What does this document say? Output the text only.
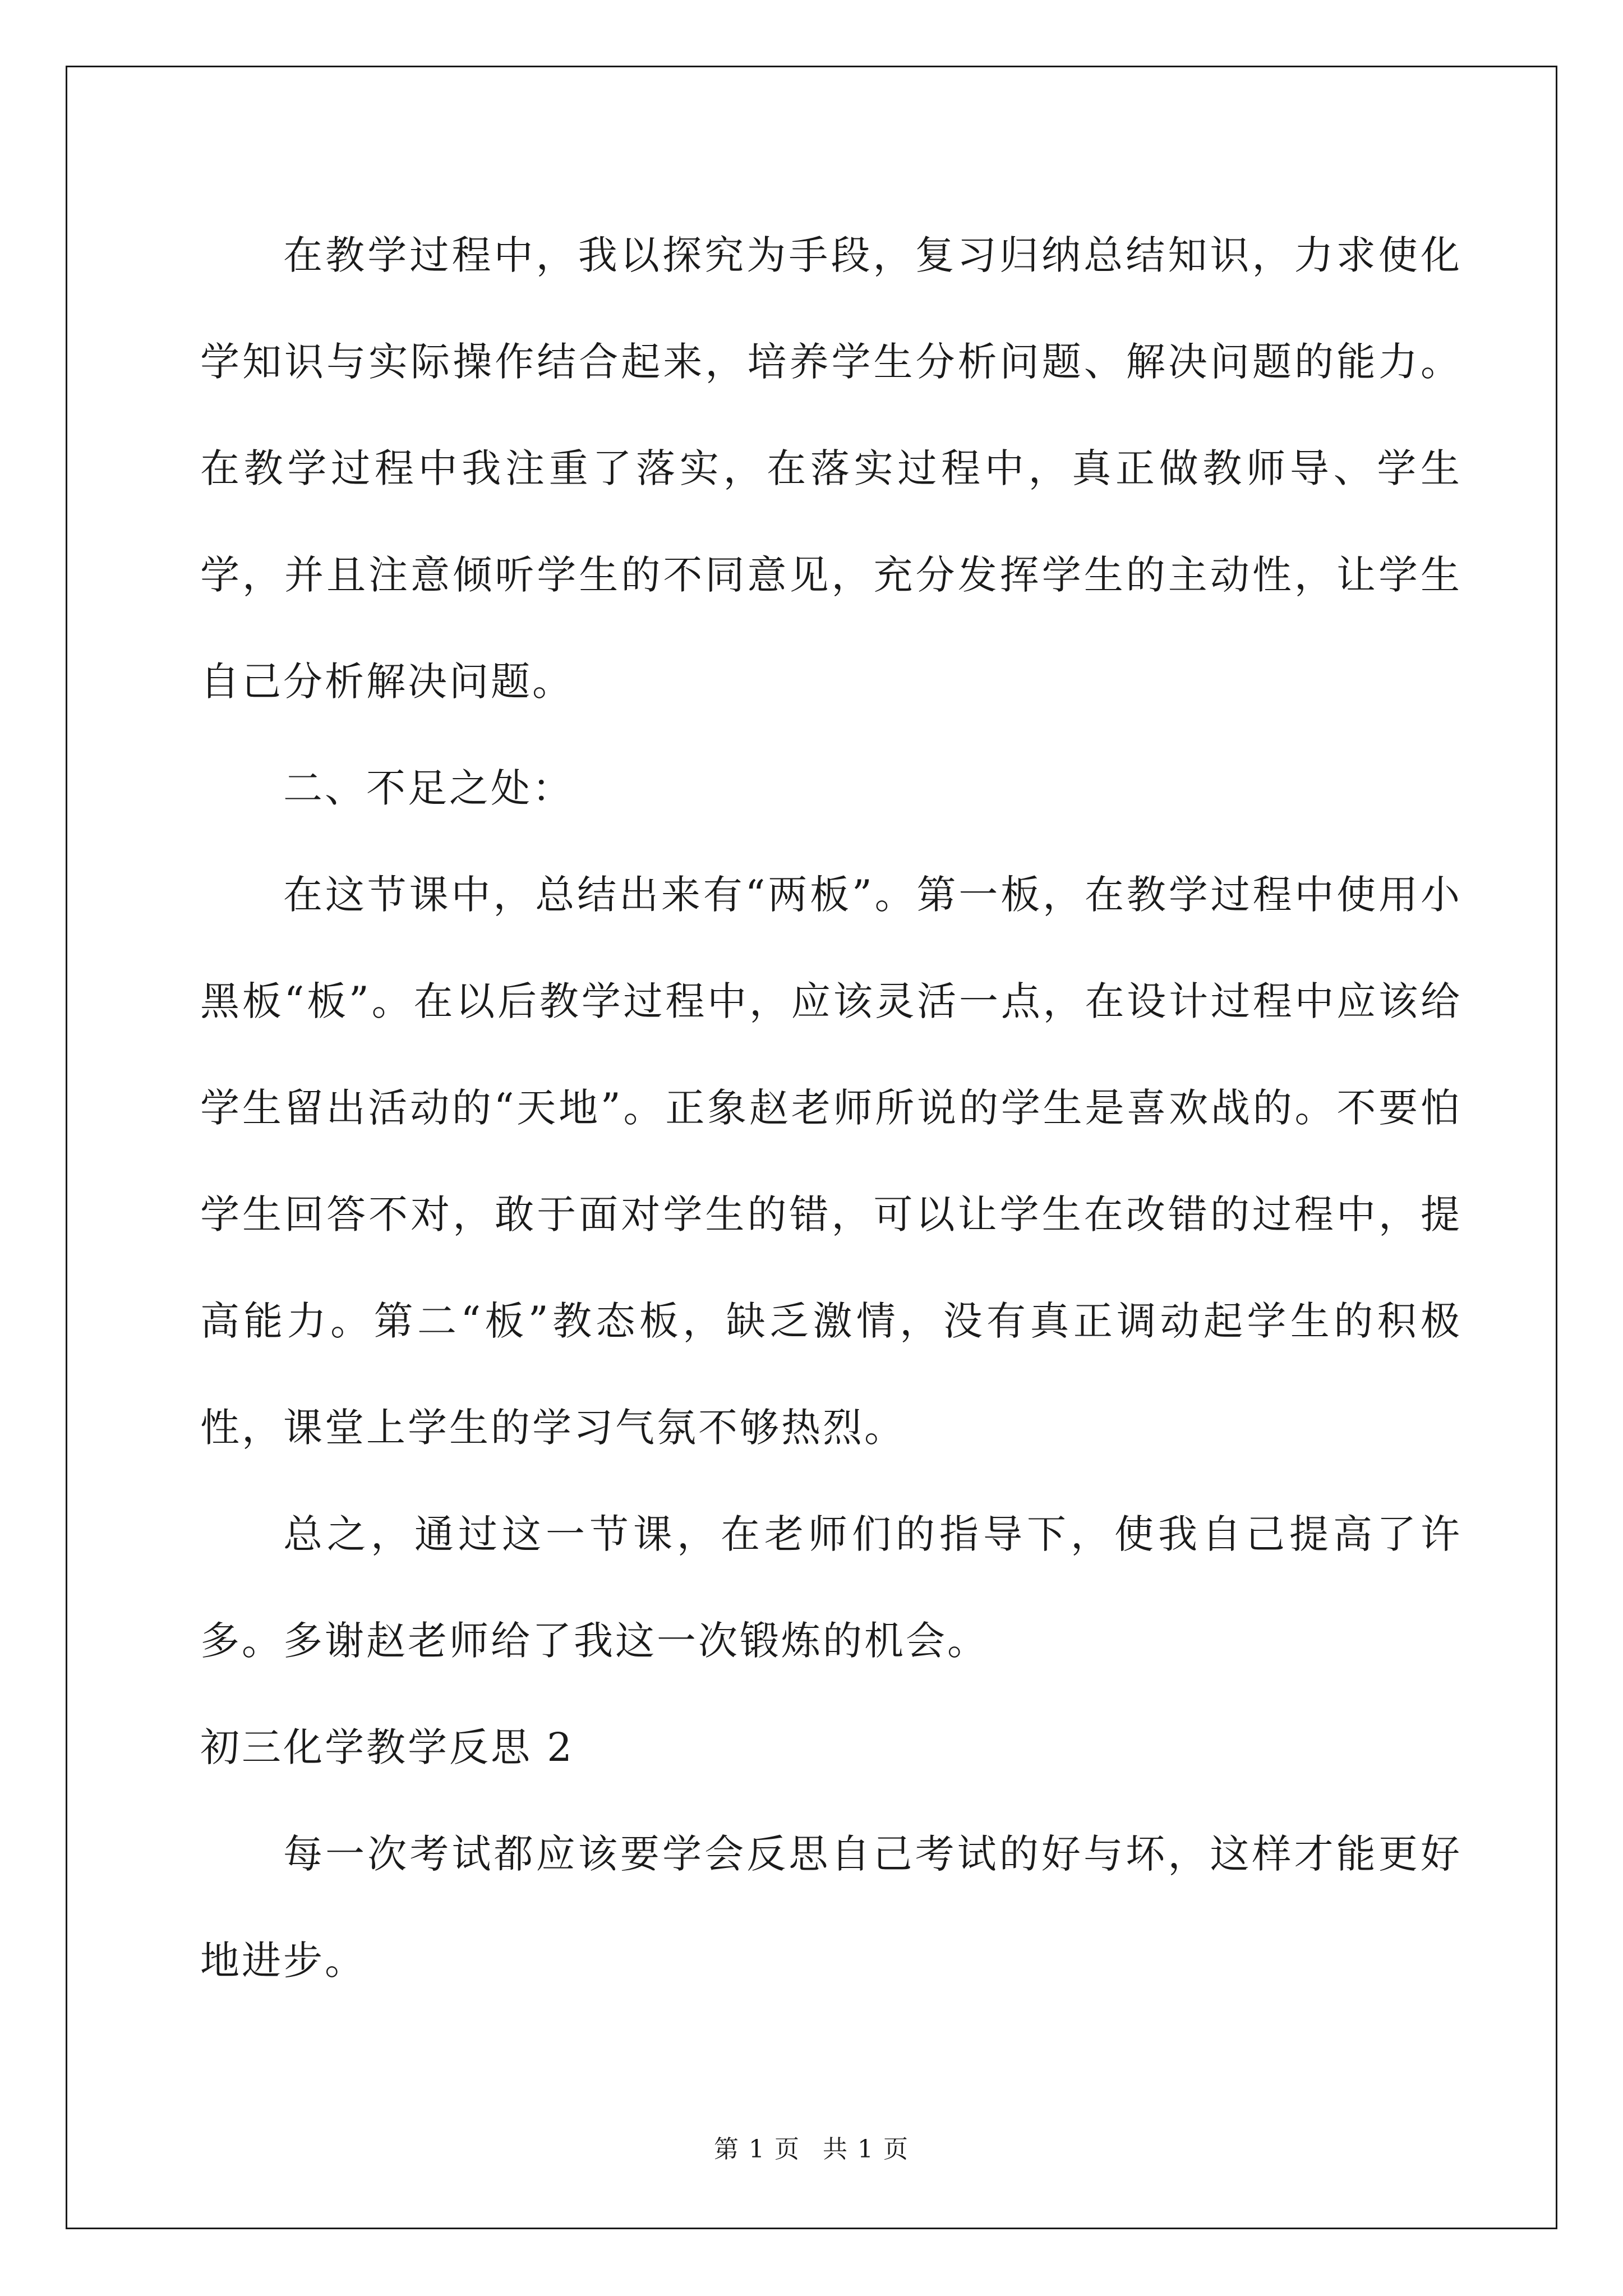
在教学过程中，我以探究为手段，复习归纳总结知识，力求使化学知识与实际操作结合起来，培养学生分析问题、解决问题的能力。在教学过程中我注重了落实，在落实过程中，真正做教师导、学生学，并且注意倾听学生的不同意见，充分发挥学生的主动性，让学生自己分析解决问题。

二、不足之处：

在这节课中，总结出来有“两板”。第一板，在教学过程中使用小黑板“板”。在以后教学过程中，应该灵活一点，在设计过程中应该给学生留出活动的“天地”。正象赵老师所说的学生是喜欢战的。不要怕学生回答不对，敢于面对学生的错，可以让学生在改错的过程中，提高能力。第二“板”教态板，缺乏激情，没有真正调动起学生的积极性，课堂上学生的学习气氛不够热烈。

总之，通过这一节课，在老师们的指导下，使我自己提高了许多。多谢赵老师给了我这一次锻炼的机会。

初三化学教学反思 2

每一次考试都应该要学会反思自己考试的好与坏，这样才能更好地进步。

第 1 页 共 1 页
